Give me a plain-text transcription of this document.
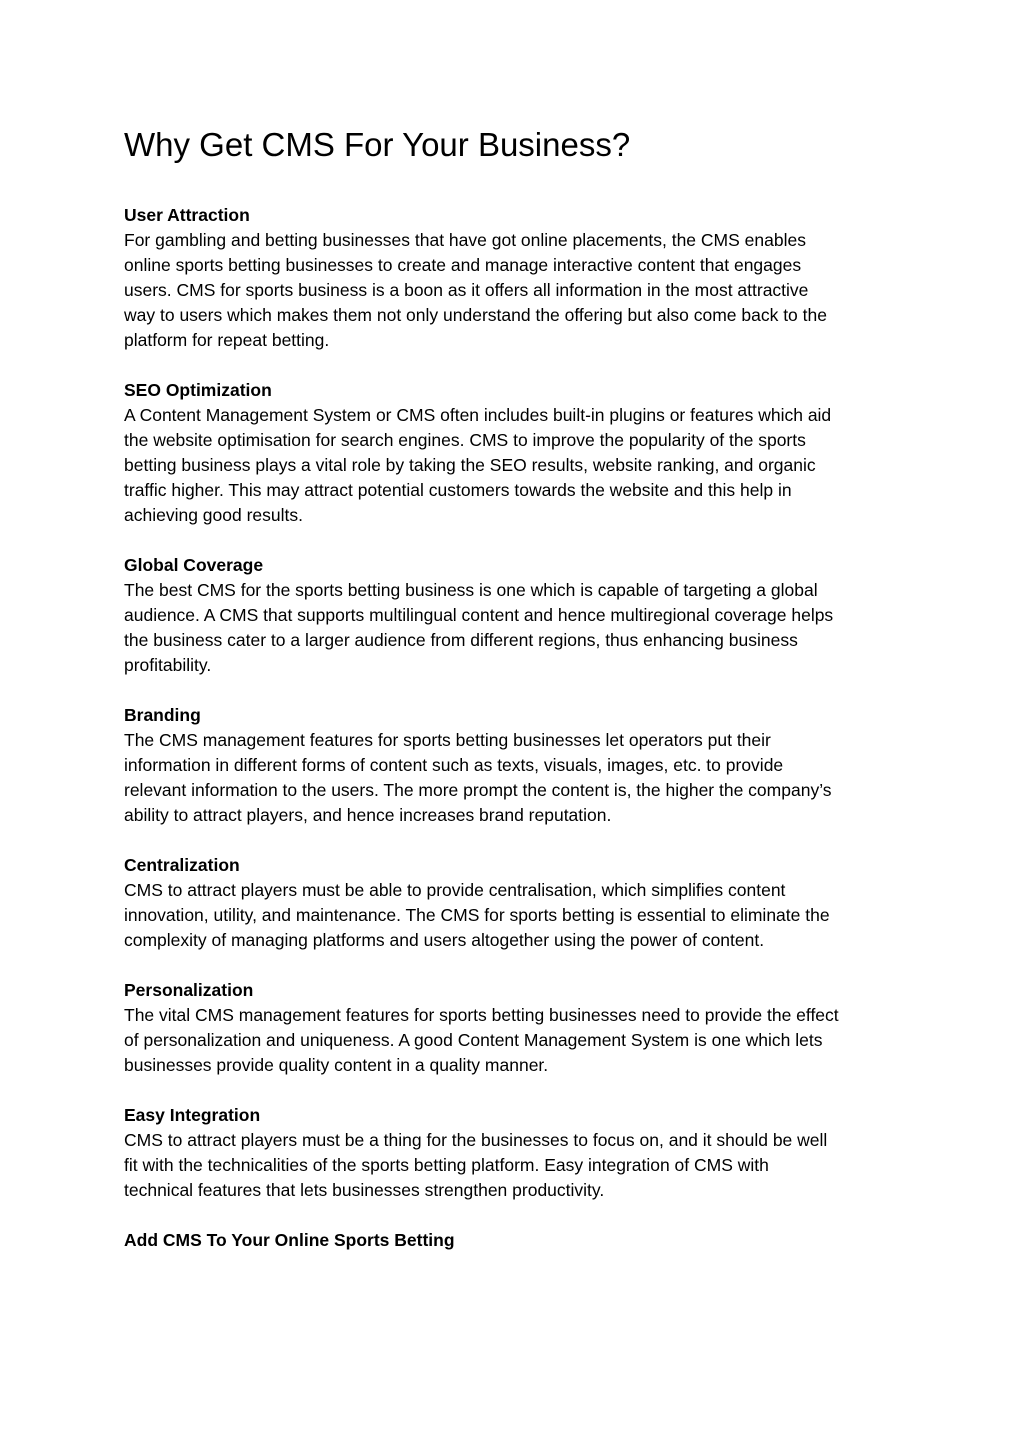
Why Get CMS For Your Business?
User Attraction

For gambling and betting businesses that have got online placements, the CMS enables
online sports betting businesses to create and manage interactive content that engages
users. CMS for sports business is a boon as it offers all information in the most attractive
way to users which makes them not only understand the offering but also come back to the
platform for repeat betting.

SEO Optimization

A Content Management System or CMS often includes built-in plugins or features which aid
the website optimisation for search engines. CMS to improve the popularity of the sports
betting business plays a vital role by taking the SEO results, website ranking, and organic
traffic higher. This may attract potential customers towards the website and this help in
achieving good results.

Global Coverage

The best CMS for the sports betting business is one which is capable of targeting a global
audience. A CMS that supports multilingual content and hence multiregional coverage helps
the business cater to a larger audience from different regions, thus enhancing business
profitability.

Branding

The CMS management features for sports betting businesses let operators put their
information in different forms of content such as texts, visuals, images, etc. to provide
relevant information to the users. The more prompt the content is, the higher the company’s
ability to attract players, and hence increases brand reputation.

Centralization

CMS to attract players must be able to provide centralisation, which simplifies content
innovation, utility, and maintenance. The CMS for sports betting is essential to eliminate the
complexity of managing platforms and users altogether using the power of content.

Personalization

The vital CMS management features for sports betting businesses need to provide the effect
of personalization and uniqueness. A good Content Management System is one which lets
businesses provide quality content in a quality manner.

Easy Integration

CMS to attract players must be a thing for the businesses to focus on, and it should be well
fit with the technicalities of the sports betting platform. Easy integration of CMS with
technical features that lets businesses strengthen productivity.

Add CMS To Your Online Sports Betting
